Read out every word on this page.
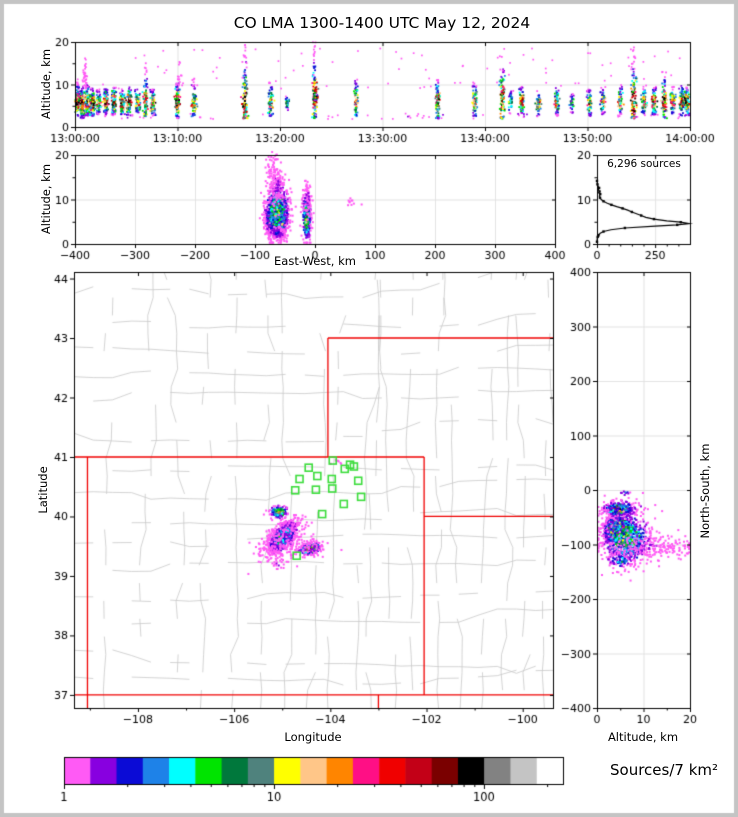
CO LMA 1300-1400 UTC May 12, 2024
Altitude, km
Altitude, km
East-West, km
6,296 sources
Latitude
Longitude
North-South, km
Altitude, km
Sources/7 km²
